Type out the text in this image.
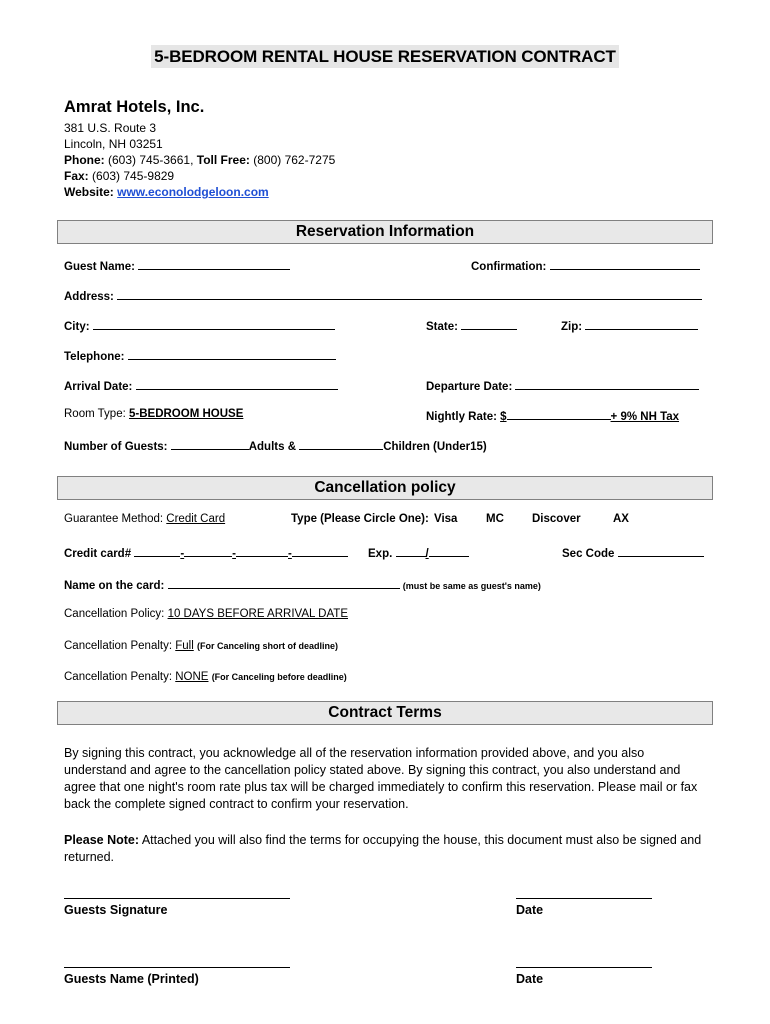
5-BEDROOM RENTAL HOUSE RESERVATION CONTRACT
Amrat Hotels, Inc.
381 U.S. Route 3
Lincoln, NH 03251
Phone: (603) 745-3661, Toll Free: (800) 762-7275
Fax: (603) 745-9829
Website: www.econolodgeloon.com
Reservation Information
Guest Name:	Confirmation:
Address:
City:	State:	Zip:
Telephone:
Arrival Date:	Departure Date:
Room Type: 5-BEDROOM HOUSE	Nightly Rate: $	+ 9% NH Tax
Number of Guests:	Adults &	Children (Under15)
Cancellation policy
Guarantee Method: Credit Card	Type (Please Circle One): Visa MC Discover	AX
Credit card#	-	-	-	Exp.	/	Sec Code
Name on the card:	(must be same as guest's name)
Cancellation Policy: 10 DAYS BEFORE ARRIVAL DATE
Cancellation Penalty: Full (For Canceling short of deadline)
Cancellation Penalty: NONE (For Canceling before deadline)
Contract Terms
By signing this contract, you acknowledge all of the reservation information provided above, and you also understand and agree to the cancellation policy stated above. By signing this contract, you also understand and agree that one night's room rate plus tax will be charged immediately to confirm this reservation. Please mail or fax back the complete signed contract to confirm your reservation.
Please Note: Attached you will also find the terms for occupying the house, this document must also be signed and returned.
Guests Signature	Date
Guests Name (Printed)	Date
